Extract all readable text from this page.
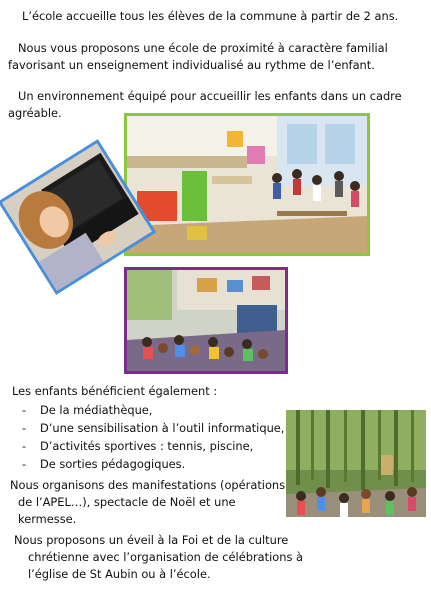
L’école accueille tous les élèves de la commune à partir de 2 ans.
Nous vous proposons une école de proximité à caractère familial
favorisant un enseignement individualisé au rythme de l’enfant.
Un environnement équipé pour accueillir les enfants dans un cadre
agréable.
Les enfants bénéficient également :
- De la médiathèque,
- D’une sensibilisation à l’outil informatique,
- D’activités sportives : tennis, piscine,
- De sorties pédagogiques.
Nous organisons des manifestations (opérations
de l’APEL…), spectacle de Noël et une
kermesse.
Nous proposons un éveil à la Foi et de la culture
chrétienne avec l’organisation de célébrations à
l’église de St Aubin ou à l’école.
